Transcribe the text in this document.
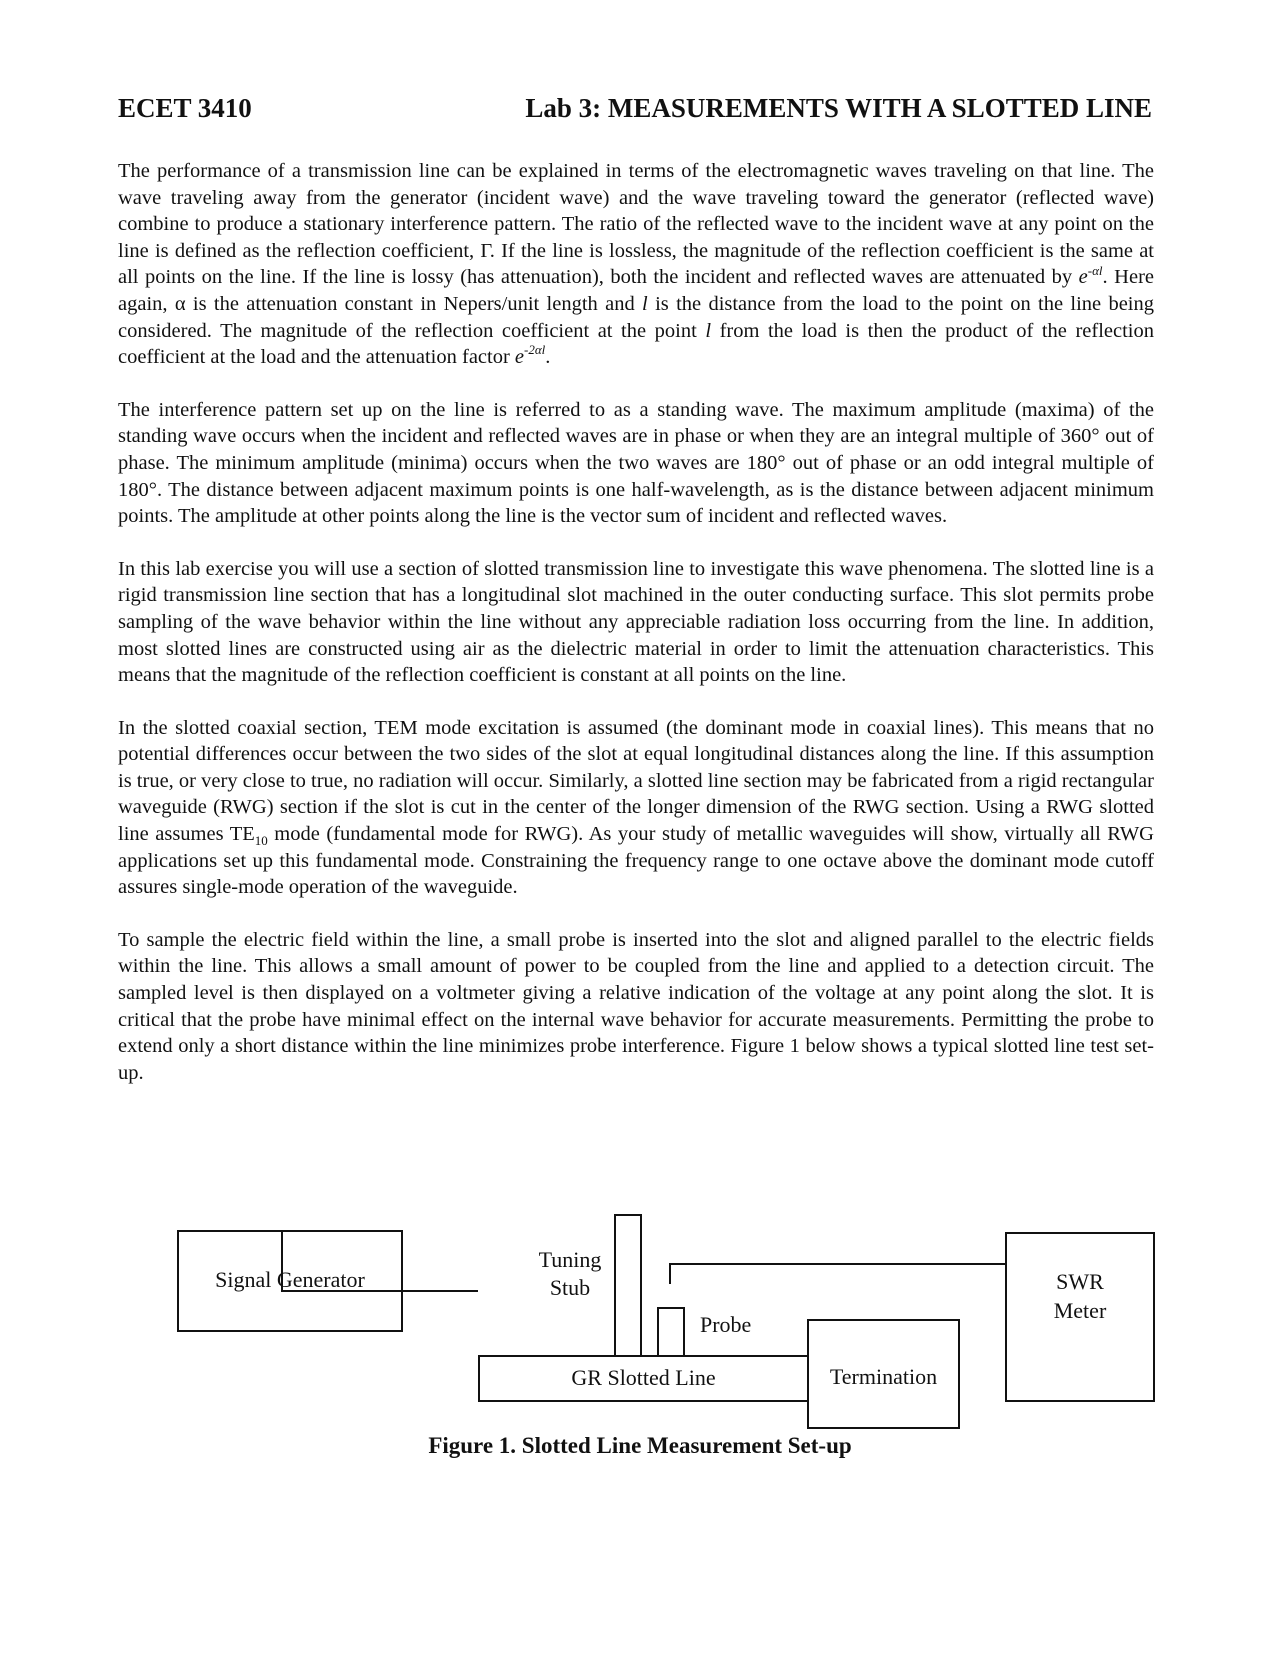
ECET 3410	Lab 3: MEASUREMENTS WITH A SLOTTED LINE

The performance of a transmission line can be explained in terms of the electromagnetic waves traveling on that line. The wave traveling away from the generator (incident wave) and the wave traveling toward the generator (reflected wave) combine to produce a stationary interference pattern. The ratio of the reflected wave to the incident wave at any point on the line is defined as the reflection coefficient, Γ. If the line is lossless, the magnitude of the reflection coefficient is the same at all points on the line. If the line is lossy (has attenuation), both the incident and reflected waves are attenuated by $e^{-\alpha l}$. Here again, α is the attenuation constant in Nepers/unit length and l is the distance from the load to the point on the line being considered. The magnitude of the reflection coefficient at the point l from the load is then the product of the reflection coefficient at the load and the attenuation factor $e^{-2\alpha l}$.

The interference pattern set up on the line is referred to as a standing wave. The maximum amplitude (maxima) of the standing wave occurs when the incident and reflected waves are in phase or when they are an integral multiple of 360° out of phase. The minimum amplitude (minima) occurs when the two waves are 180° out of phase or an odd integral multiple of 180°. The distance between adjacent maximum points is one half-wavelength, as is the distance between adjacent minimum points. The amplitude at other points along the line is the vector sum of incident and reflected waves.

In this lab exercise you will use a section of slotted transmission line to investigate this wave phenomena. The slotted line is a rigid transmission line section that has a longitudinal slot machined in the outer conducting surface. This slot permits probe sampling of the wave behavior within the line without any appreciable radiation loss occurring from the line. In addition, most slotted lines are constructed using air as the dielectric material in order to limit the attenuation characteristics. This means that the magnitude of the reflection coefficient is constant at all points on the line.

In the slotted coaxial section, TEM mode excitation is assumed (the dominant mode in coaxial lines). This means that no potential differences occur between the two sides of the slot at equal longitudinal distances along the line. If this assumption is true, or very close to true, no radiation will occur. Similarly, a slotted line section may be fabricated from a rigid rectangular waveguide (RWG) section if the slot is cut in the center of the longer dimension of the RWG section. Using a RWG slotted line assumes $TE_{10}$ mode (fundamental mode for RWG). As your study of metallic waveguides will show, virtually all RWG applications set up this fundamental mode. Constraining the frequency range to one octave above the dominant mode cutoff assures single-mode operation of the waveguide.

To sample the electric field within the line, a small probe is inserted into the slot and aligned parallel to the electric fields within the line. This allows a small amount of power to be coupled from the line and applied to a detection circuit. The sampled level is then displayed on a voltmeter giving a relative indication of the voltage at any point along the slot. It is critical that the probe have minimal effect on the internal wave behavior for accurate measurements. Permitting the probe to extend only a short distance within the line minimizes probe interference. Figure 1 below shows a typical slotted line test set-up.

Signal Generator
Tuning
Stub
Probe
GR Slotted Line	Termination
SWR
Meter
Figure 1. Slotted Line Measurement Set-up
